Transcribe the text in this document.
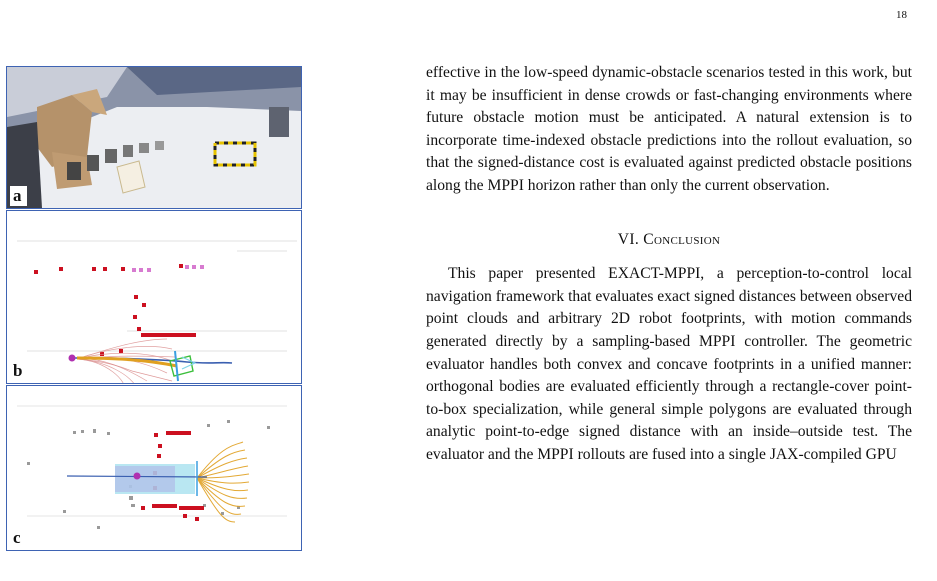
18
a
b
c

effective in the low-speed dynamic-obstacle scenarios tested in this work, but it may be insufficient in dense crowds or fast-changing environments where future obstacle motion must be anticipated. A natural extension is to incorporate time-indexed obstacle predictions into the rollout evaluation, so that the signed-distance cost is evaluated against predicted obstacle positions along the MPPI horizon rather than only the current observation.

VI. Conclusion

This paper presented EXACT-MPPI, a perception-to-control local navigation framework that evaluates exact signed distances between observed point clouds and arbitrary 2D robot footprints, with motion commands generated directly by a sampling-based MPPI controller. The geometric evaluator handles both convex and concave footprints in a unified manner: orthogonal bodies are evaluated efficiently through a rectangle-cover point-to-box specialization, while general simple polygons are evaluated through analytic point-to-edge signed distance with an inside–outside test. The evaluator and the MPPI rollouts are fused into a single JAX-compiled GPU
